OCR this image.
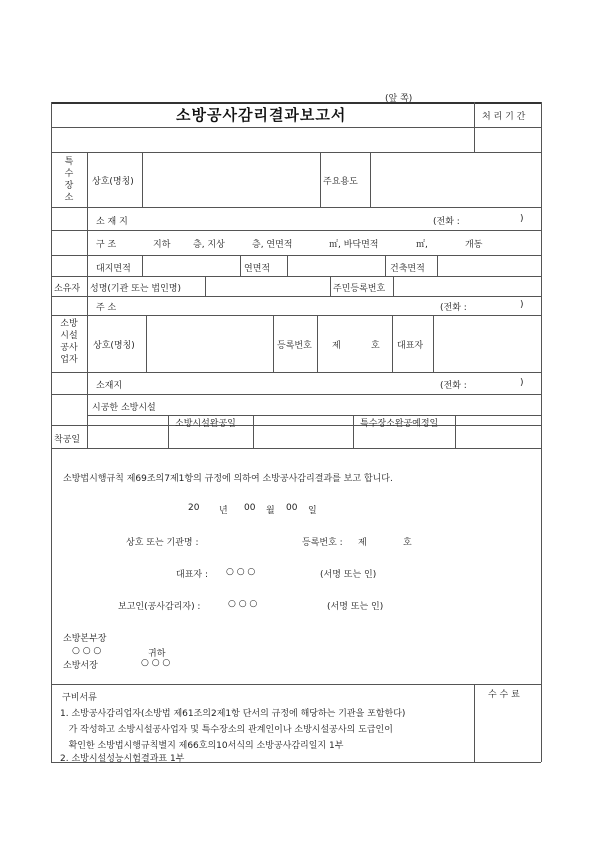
(앞 쪽)
소방공사감리결과보고서	처 리 기 간
특
수
장
소
상호(명칭)	주요용도
소 재 지	(전화 :	)
구 조	지하	층, 지상	층, 연면적	㎡, 바닥면적	㎡,	개동
대지면적	연면적	건축면적
소유자 성명(기관 또는 법인명)	주민등록번호
주 소	(전화 :	)
소방
시설
공사
업자
상호(명칭)	등록번호 제	호 대표자
소재지	(전화 :	)
시공한 소방시설
소방시설완공일	특수장소완공예정일
착공일
소방법시행규칙 제69조의7제1항의 규정에 의하여 소방공사감리결과를 보고 합니다.
20 년 00 월 00 일
상호 또는 기관명 :	등록번호 : 제	호
대표자 : ○ ○ ○	(서명 또는 인)
보고인(공사감리자) :	○ ○ ○	(서명 또는 인)
소방본부장
○ ○ ○	귀하
소방서장	○ ○ ○
구비서류	수 수 료
1. 소방공사감리업자(소방법 제61조의2제1항 단서의 규정에 해당하는 기관을 포함한다)
가 작성하고 소방시설공사업자 및 특수장소의 관계인이나 소방시설공사의 도급인이
확인한 소방법시행규칙별지 제66호의10서식의 소방공사감리일지 1부
2. 소방시설성능시험결과표 1부
